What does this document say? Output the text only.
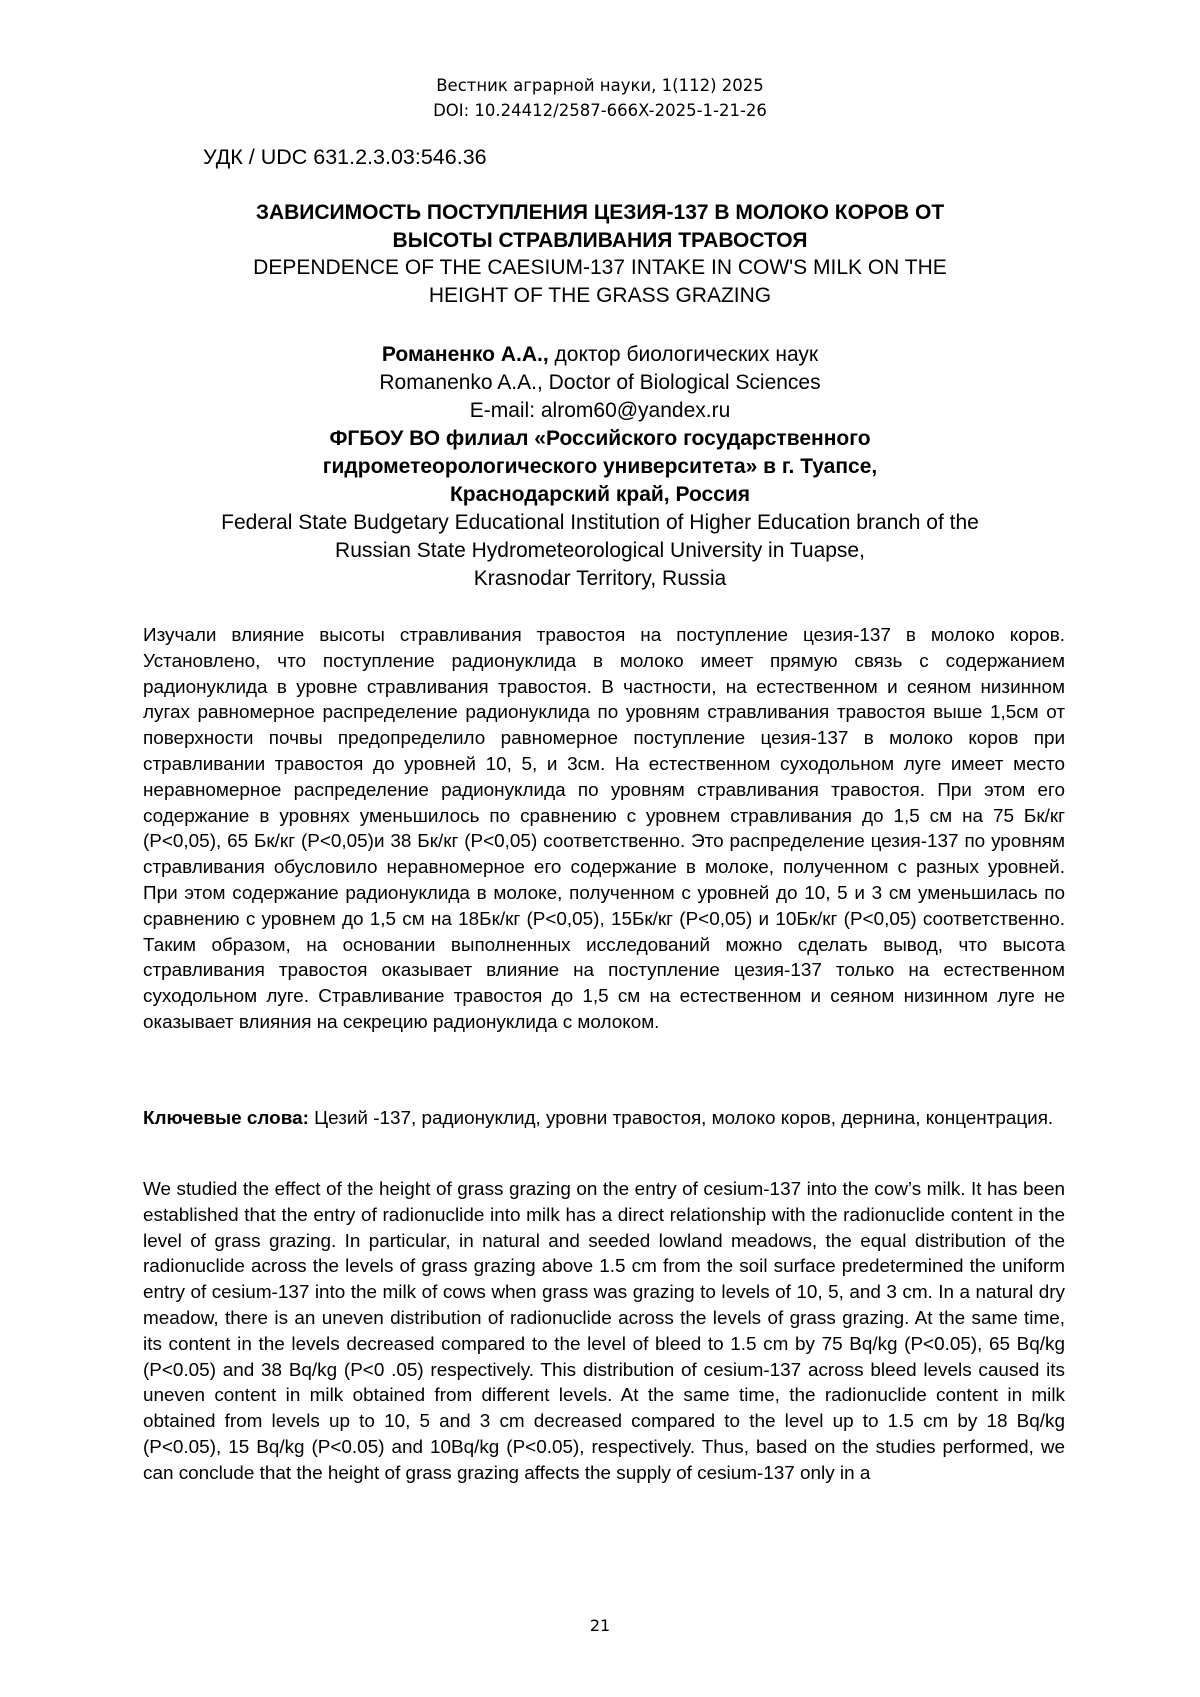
Вестник аграрной науки, 1(112) 2025
DOI: 10.24412/2587-666X-2025-1-21-26
УДК / UDC 631.2.3.03:546.36
ЗАВИСИМОСТЬ ПОСТУПЛЕНИЯ ЦЕЗИЯ-137 В МОЛОКО КОРОВ ОТ
ВЫСОТЫ СТРАВЛИВАНИЯ ТРАВОСТОЯ
DEPENDENCE OF THE CAESIUM-137 INTAKE IN COW'S MILK ON THE
HEIGHT OF THE GRASS GRAZING
Романенко А.А., доктор биологических наук
Romanenko A.A., Doctor of Biological Sciences
E-mail: alrom60@yandex.ru
ФГБОУ ВО филиал «Российского государственного
гидрометеорологического университета» в г. Туапсе,
Краснодарский край, Россия
Federal State Budgetary Educational Institution of Higher Education branch of the
Russian State Hydrometeorological University in Tuapse,
Krasnodar Territory, Russia

Изучали влияние высоты стравливания травостоя на поступление цезия-137 в молоко коров. Установлено, что поступление радионуклида в молоко имеет прямую связь с содержанием радионуклида в уровне стравливания травостоя. В частности, на естественном и сеяном низинном лугах равномерное распределение радионуклида по уровням стравливания травостоя выше 1,5см от поверхности почвы предопределило равномерное поступление цезия-137 в молоко коров при стравливании травостоя до уровней 10, 5, и 3см. На естественном суходольном луге имеет место неравномерное распределение радионуклида по уровням стравливания травостоя. При этом его содержание в уровнях уменьшилось по сравнению с уровнем стравливания до 1,5 см на 75 Бк/кг (P<0,05), 65 Бк/кг (P<0,05)и 38 Бк/кг (P<0,05) соответственно. Это распределение цезия-137 по уровням стравливания обусловило неравномерное его содержание в молоке, полученном с разных уровней. При этом содержание радионуклида в молоке, полученном с уровней до 10, 5 и 3 см уменьшилась по сравнению с уровнем до 1,5 см на 18Бк/кг (P<0,05), 15Бк/кг (P<0,05) и 10Бк/кг (P<0,05) соответственно. Таким образом, на основании выполненных исследований можно сделать вывод, что высота стравливания травостоя оказывает влияние на поступление цезия-137 только на естественном суходольном луге. Стравливание травостоя до 1,5 см на естественном и сеяном низинном луге не оказывает влияния на секрецию радионуклида с молоком.

Ключевые слова: Цезий -137, радионуклид, уровни травостоя, молоко коров, дернина, концентрация.

We studied the effect of the height of grass grazing on the entry of cesium-137 into the cow’s milk. It has been established that the entry of radionuclide into milk has a direct relationship with the radionuclide content in the level of grass grazing. In particular, in natural and seeded lowland meadows, the equal distribution of the radionuclide across the levels of grass grazing above 1.5 cm from the soil surface predetermined the uniform entry of cesium-137 into the milk of cows when grass was grazing to levels of 10, 5, and 3 cm. In a natural dry meadow, there is an uneven distribution of radionuclide across the levels of grass grazing. At the same time, its content in the levels decreased compared to the level of bleed to 1.5 cm by 75 Bq/kg (P<0.05), 65 Bq/kg (P<0.05) and 38 Bq/kg (P<0 .05) respectively. This distribution of cesium-137 across bleed levels caused its uneven content in milk obtained from different levels. At the same time, the radionuclide content in milk obtained from levels up to 10, 5 and 3 cm decreased compared to the level up to 1.5 cm by 18 Bq/kg (P<0.05), 15 Bq/kg (P<0.05) and 10Bq/kg (P<0.05), respectively. Thus, based on the studies performed, we can conclude that the height of grass grazing affects the supply of cesium-137 only in a

21
